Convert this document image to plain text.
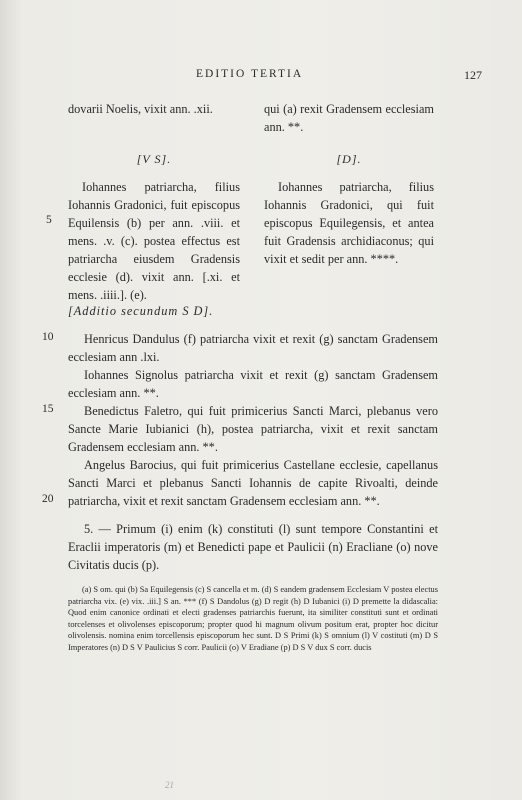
EDITIO TERTIA	127
dovarii Noelis, vixit ann. .xii.	qui (a) rexit Gradensem ecclesiam ann. **.

[V S].

Iohannes patriarcha, filius Iohannis Gradonici, fuit episcopus Equilensis (b) per ann. .viii. et mens. .v. (c). postea effectus est patriarcha eiusdem Gradensis ecclesie (d). vixit ann. [.xi. et mens. .iiii.]. (e).

[D].

Iohannes patriarcha, filius Iohannis Gradonici, qui fuit episcopus Equilegensis, et antea fuit Gradensis archidiaconus; qui vixit et sedit per ann. ****.

5
[Additio secundum S D].
10
15
20

Henricus Dandulus (f) patriarcha vixit et rexit (g) sanctam Gradensem ecclesiam ann .lxi.

Iohannes Signolus patriarcha vixit et rexit (g) sanctam Gradensem ecclesiam ann. **.

Benedictus Faletro, qui fuit primicerius Sancti Marci, plebanus vero Sancte Marie Iubianici (h), postea patriarcha, vixit et rexit sanctam Gradensem ecclesiam ann. **.

Angelus Barocius, qui fuit primicerius Castellane ecclesie, capellanus Sancti Marci et plebanus Sancti Iohannis de capite Rivoalti, deinde patriarcha, vixit et rexit sanctam Gradensem ecclesiam ann. **.

5. — Primum (i) enim (k) constituti (l) sunt tempore Constantini et Eraclii imperatoris (m) et Benedicti pape et Paulicii (n) Eracliane (o) nove Civitatis ducis (p).

(a) S om. qui (b) Sa Equilegensis (c) S cancella et m. (d) S eandem gradensem Ecclesiam V postea electus patriarcha vix. (e) vix. .iii.] S an. *** (f) S Dandolus (g) D regit (h) D Iubanici (i) D premette la didascalia: Quod enim canonice ordinati et electi gradenses patriarchis fuerunt, ita similiter constituti sunt et ordinati torcelenses et olivolenses episcoporum; propter quod hi magnum olivum positum erat, propter hoc dicitur olivolensis. nomina enim torcellensis episcoporum hec sunt. D S Primi (k) S omnium (l) V costituti (m) D S Imperatores (n) D S V Paulicius S corr. Paulicii (o) V Eradiane (p) D S V dux S corr. ducis

21
